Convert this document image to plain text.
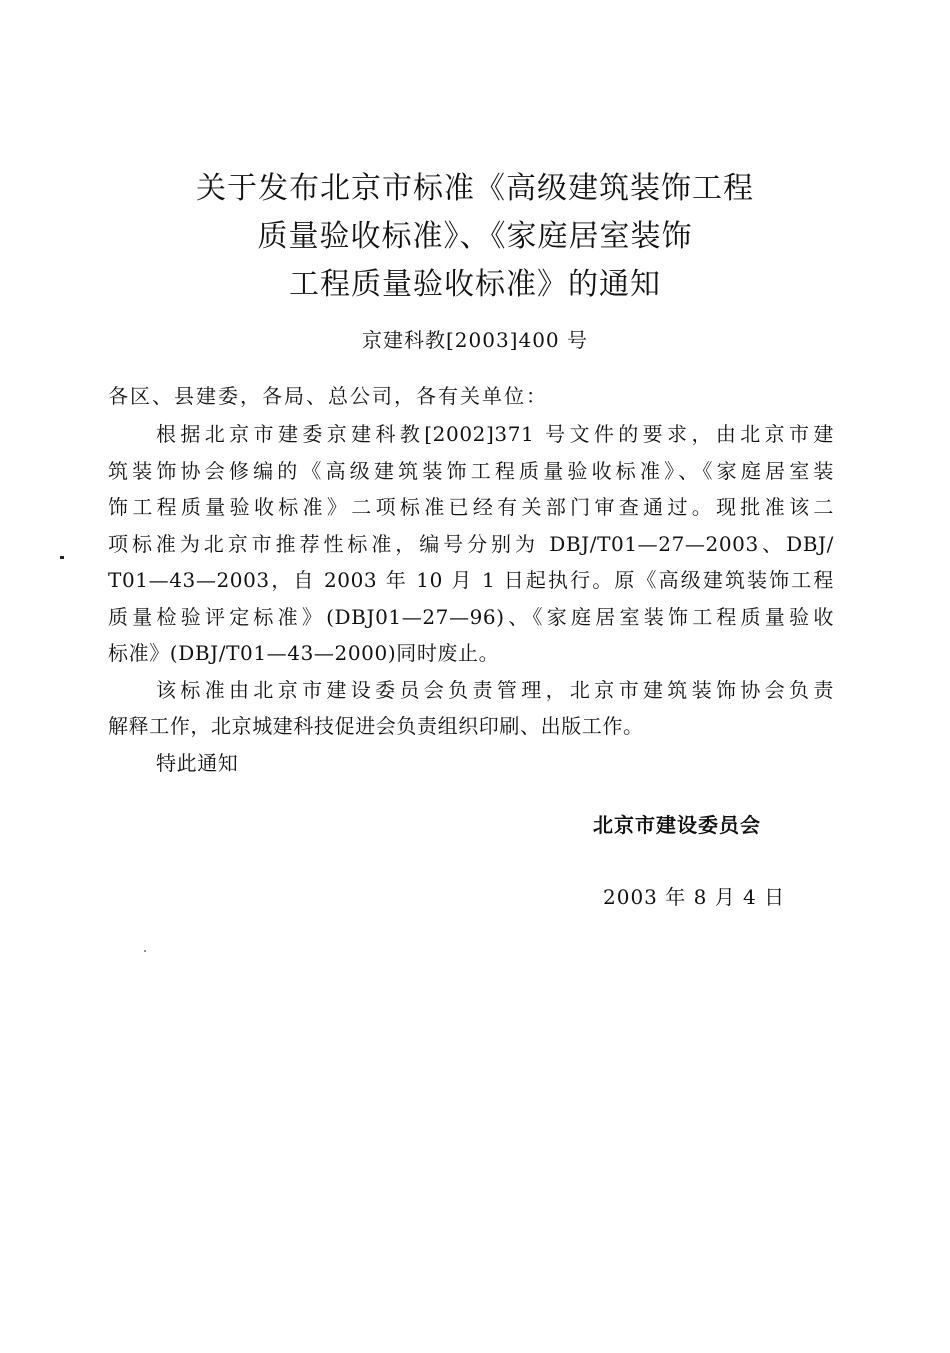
关于发布北京市标准《高级建筑装饰工程
质量验收标准》、《家庭居室装饰
工程质量验收标准》的通知
京建科教[2003]400 号
各区、县建委，各局、总公司，各有关单位：
根据北京市建委京建科教[2002]371 号文件的要求，由北京市建
筑装饰协会修编的《高级建筑装饰工程质量验收标准》、《家庭居室装
饰工程质量验收标准》二项标准已经有关部门审查通过。现批准该二
项标准为北京市推荐性标准，编号分别为 DBJ/T01—27—2003、DBJ/
T01—43—2003，自 2003 年 10 月 1 日起执行。原《高级建筑装饰工程
质量检验评定标准》(DBJ01—27—96)、《家庭居室装饰工程质量验收
标准》(DBJ/T01—43—2000)同时废止。
该标准由北京市建设委员会负责管理，北京市建筑装饰协会负责
解释工作，北京城建科技促进会负责组织印刷、出版工作。
特此通知
北京市建设委员会
2003 年 8 月 4 日
